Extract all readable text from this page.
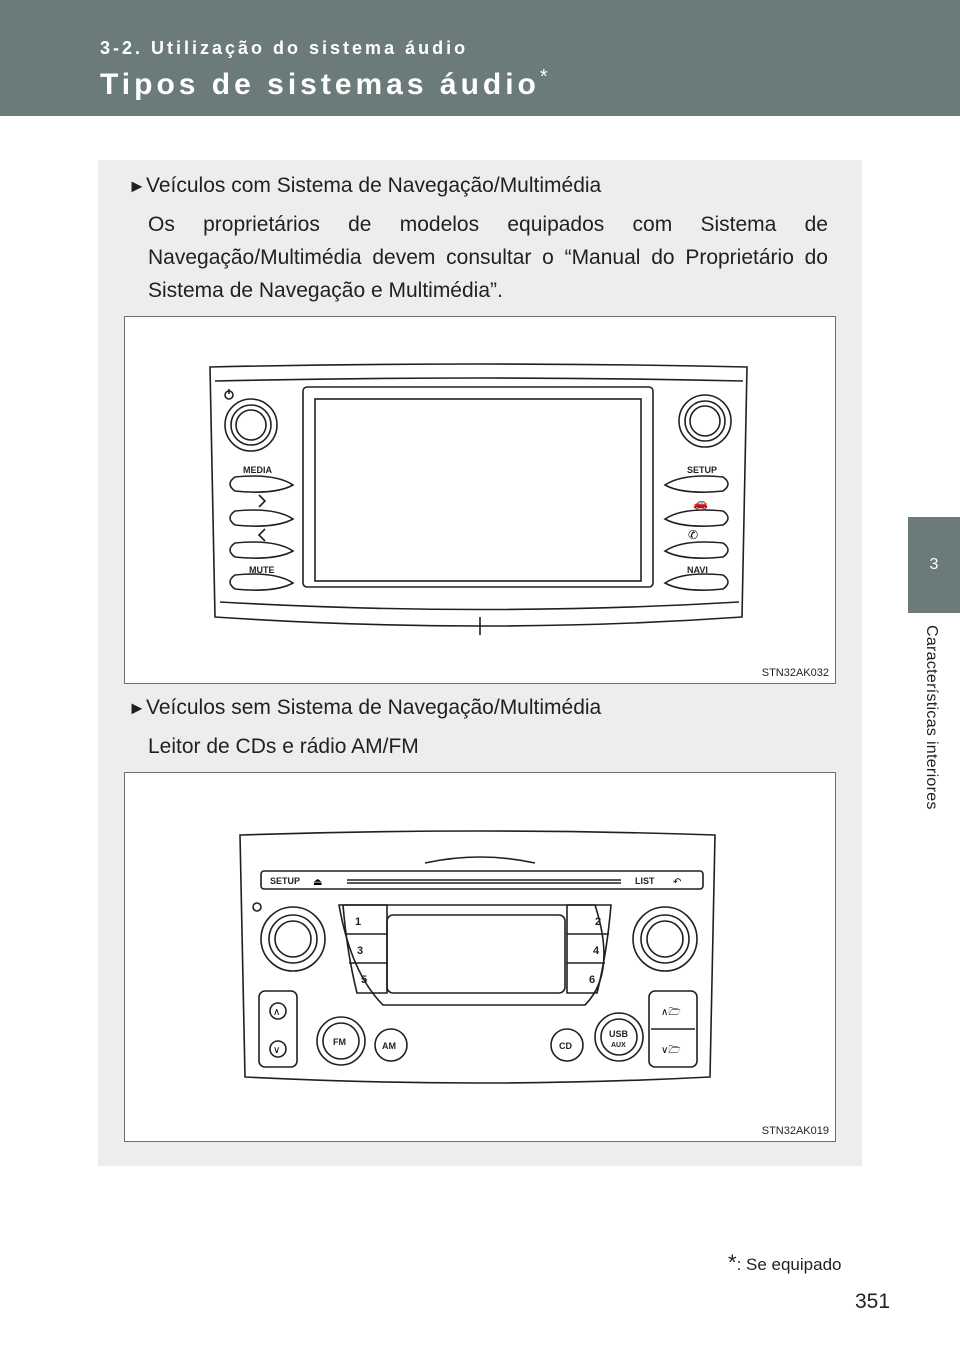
3-2. Utilização do sistema áudio
Tipos de sistemas áudio*
3
Características interiores
►Veículos com Sistema de Navegação/Multimédia
Os proprietários de modelos equipados com Sistema de Navegação/Multimédia devem consultar o “Manual do Proprietário do Sistema de Navegação e Multimédia”.
MEDIA	SETUP
MUTE	NAVI
🚗
✆
STN32AK032
►Veículos sem Sistema de Navegação/Multimédia
Leitor de CDs e rádio AM/FM
SETUP	LIST
⏏	↶
1
3
5
2
4
6
FM	AM	CD
USB
AUX
∧
∨
∧🗁
∨🗁
STN32AK019
*: Se equipado
351
